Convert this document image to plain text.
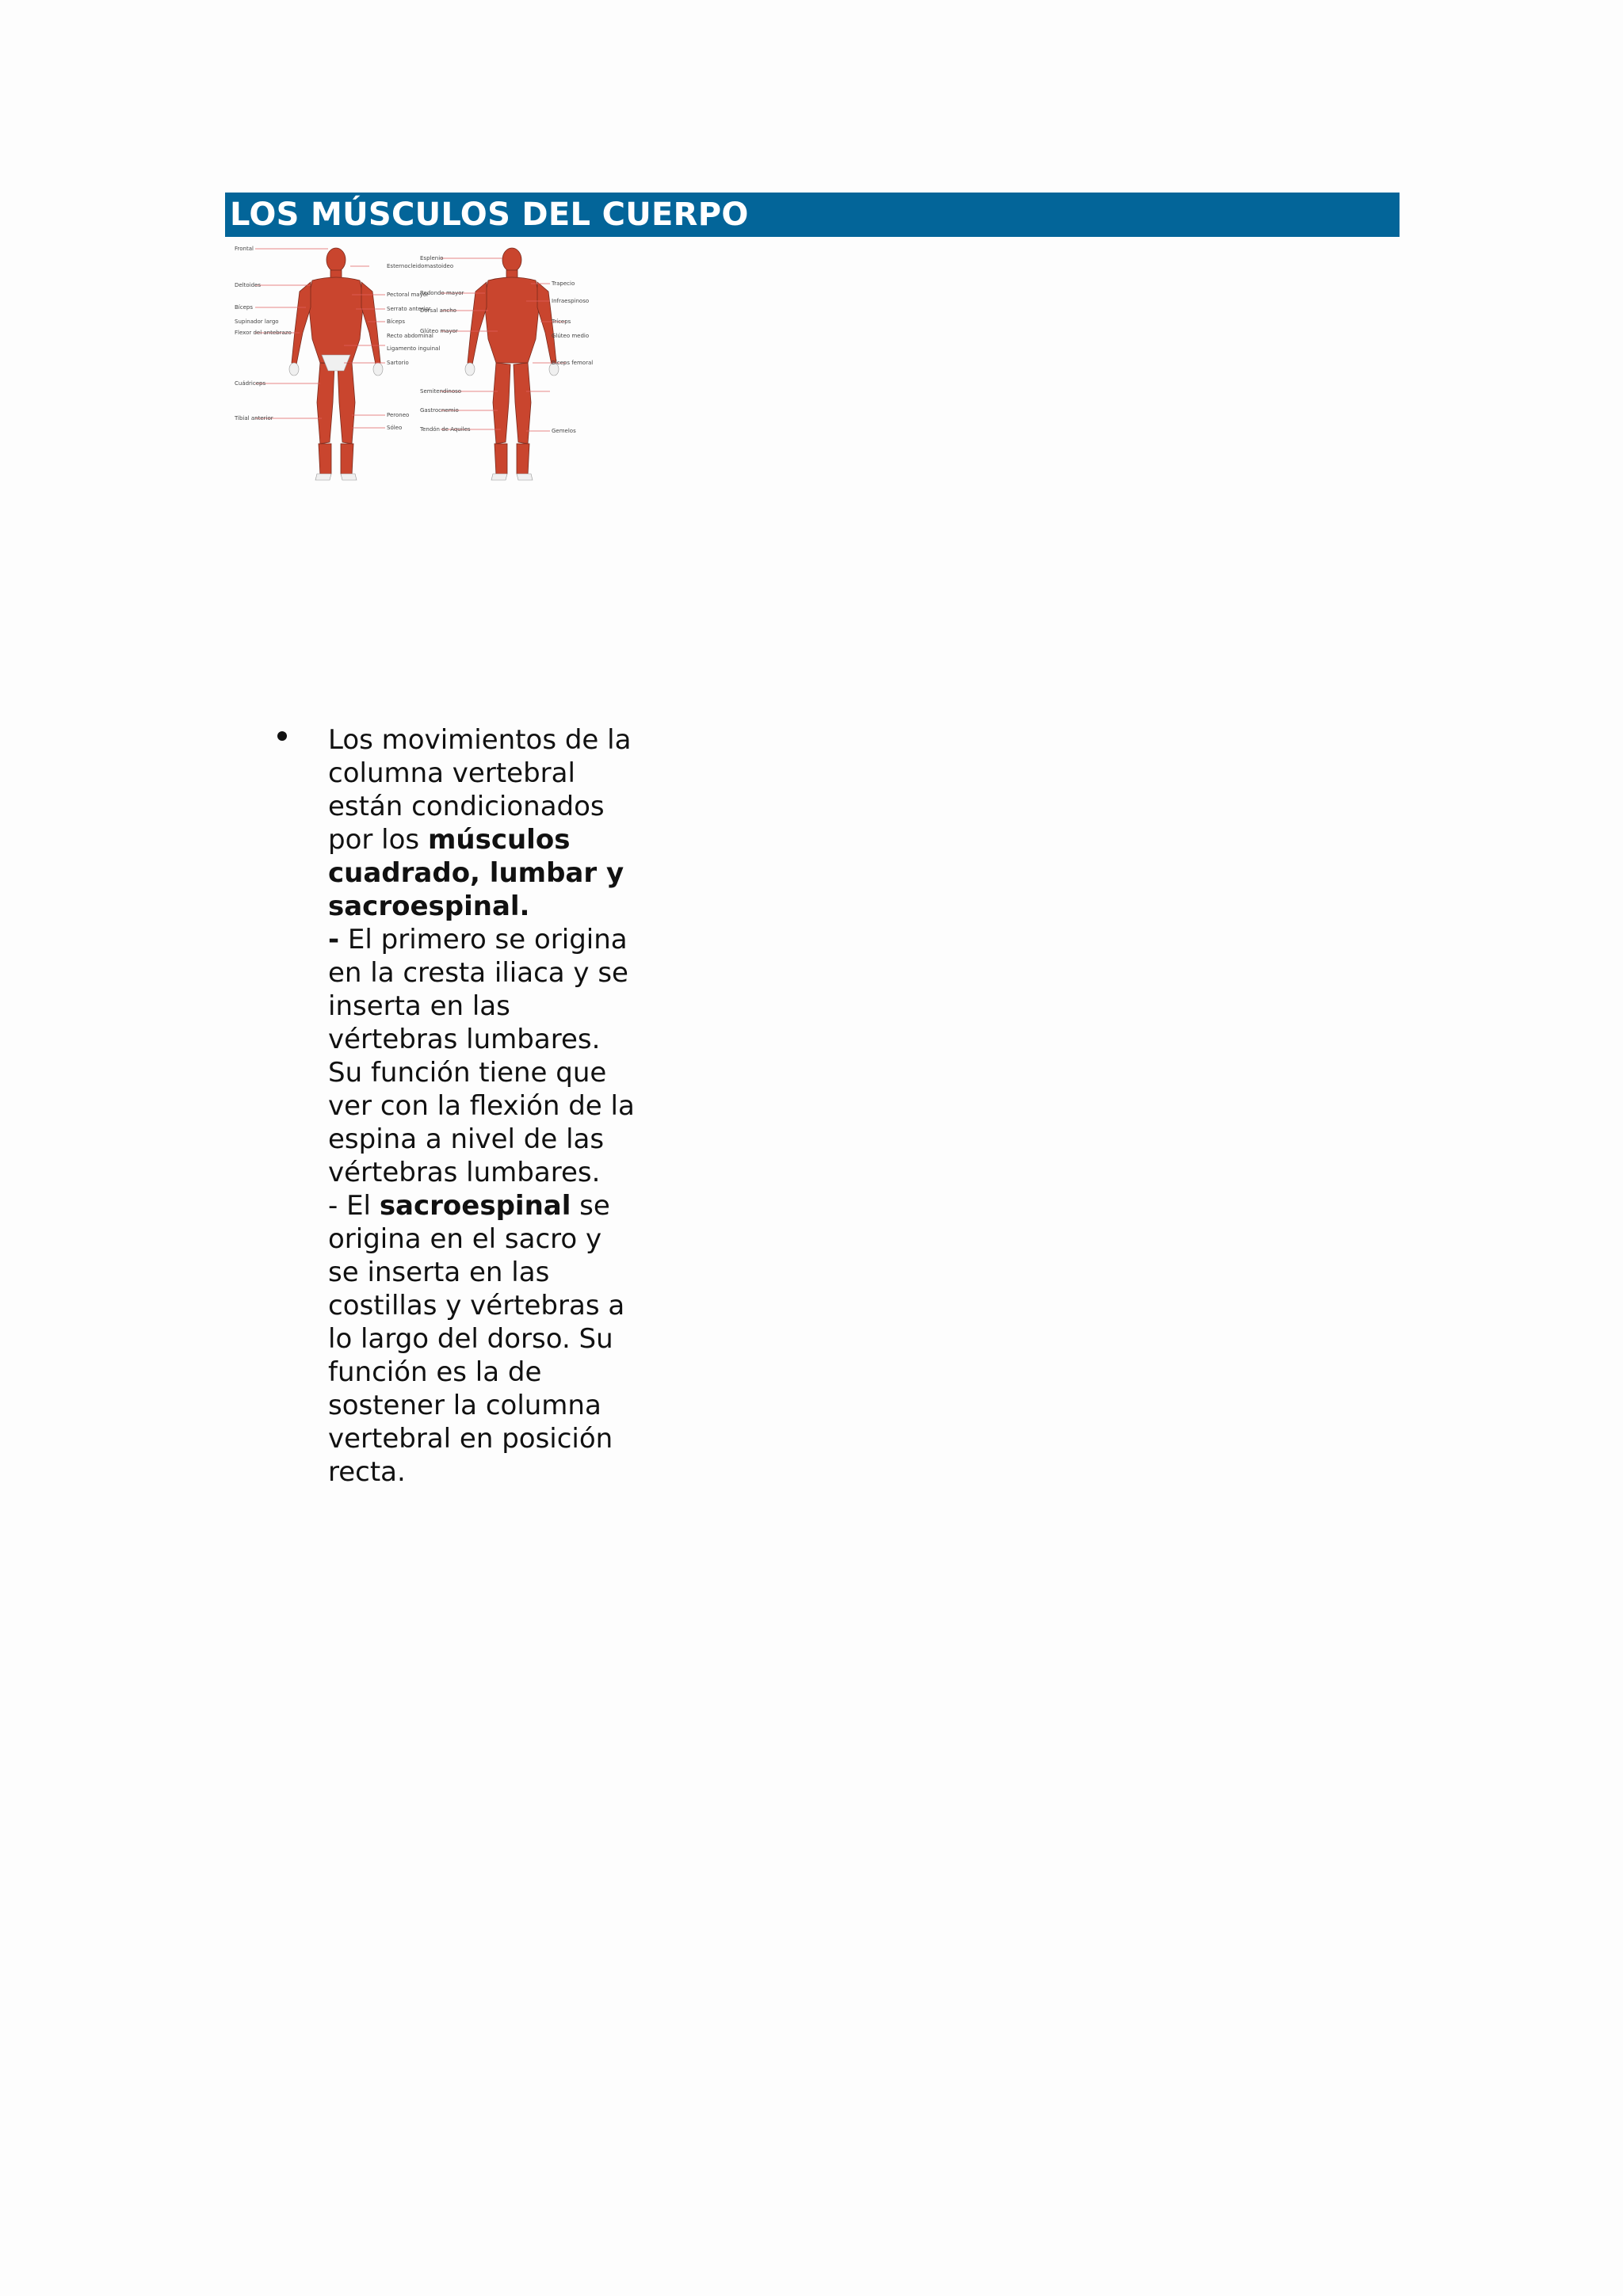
LOS MÚSCULOS DEL CUERPO
Frontal
Deltoides
Bíceps
Supinador largo
Flexor del antebrazo
Cuádriceps
Tibial anterior
Esternocleidomastoideo
Pectoral mayor
Serrato anterior
Bíceps
Recto abdominal
Ligamento inguinal
Sartorio
Peroneo
Sóleo
Esplenio
Redondo mayor
Dorsal ancho
Glúteo mayor
Semitendinoso
Gastrocnemio
Tendón de Aquiles
Trapecio
Infraespinoso
Tríceps
Glúteo medio
Bíceps femoral
Gemelos
Los movimientos de la columna vertebral están condicionados por los músculos cuadrado, lumbar y sacroespinal.
- El primero se origina en la cresta iliaca y se inserta en las vértebras lumbares. Su función tiene que ver con la flexión de la espina a nivel de las vértebras lumbares.
- El sacroespinal se origina en el sacro y se inserta en las costillas y vértebras a lo largo del dorso. Su función es la de sostener la columna vertebral en posición recta.
